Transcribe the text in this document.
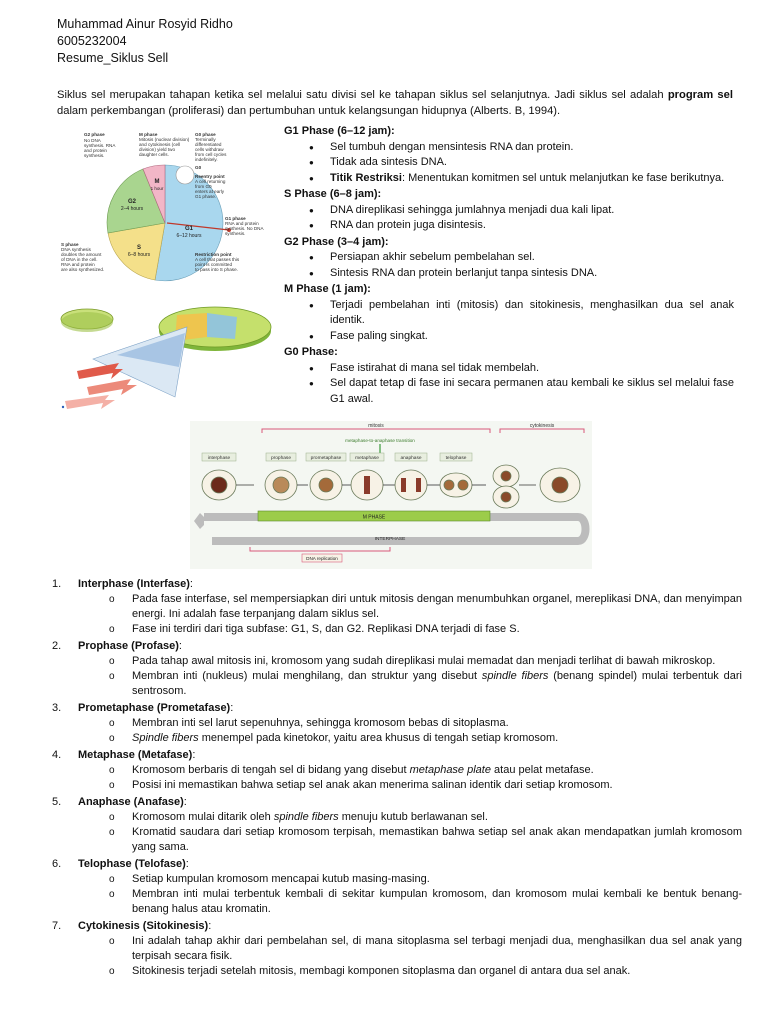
Muhammad Ainur Rosyid Ridho
6005232004
Resume_Siklus Sell

Siklus sel merupakan tahapan ketika sel melalui satu divisi sel ke tahapan siklus sel selanjutnya. Jadi siklus sel adalah program sel dalam perkembangan (proliferasi) dan pertumbuhan untuk kelangsungan hidupnya (Alberts. B, 1994).

G2 phase
No DNA
synthesis. RNA
and protein
synthesis.
M phase
Mitosis (nuclear division)
and cytokinesis (cell
division) yield two
daughter cells.
G0 phase
Terminally
differentiated
cells withdraw
from cell cycles
indefinitely.
G0
Reentry point
A cell returning
from G0
enters at early
G1 phase.
G1 phase
RNA and protein
synthesis. No DNA
synthesis.
S phase
DNA synthesis
doubles the amount
of DNA in the cell.
RNA and protein
are also synthesized.
Restriction point
A cell that passes this
point is committed
to pass into S phase.
G2
2–4 hours
M
1 hour
G1
6–12 hours
S
6–8 hours

G1 Phase (6–12 jam):

● Sel tumbuh dengan mensintesis RNA dan protein.
● Tidak ada sintesis DNA.
● Titik Restriksi: Menentukan komitmen sel untuk melanjutkan ke fase berikutnya.

S Phase (6–8 jam):

● DNA direplikasi sehingga jumlahnya menjadi dua kali lipat.
● RNA dan protein juga disintesis.

G2 Phase (3–4 jam):

● Persiapan akhir sebelum pembelahan sel.
● Sintesis RNA dan protein berlanjut tanpa sintesis DNA.

M Phase (1 jam):

● Terjadi pembelahan inti (mitosis) dan sitokinesis, menghasilkan dua sel anak identik.
● Fase paling singkat.

G0 Phase:

● Fase istirahat di mana sel tidak membelah.
● Sel dapat tetap di fase ini secara permanen atau kembali ke siklus sel melalui fase G1 awal.
mitosis	cytokinesis
metaphase-to-anaphase transition
interphase	prophase	prometaphase	metaphase	anaphase	telophase
M PHASE
INTERPHASE
DNA replication
1. Interphase (Interfase):
o Pada fase interfase, sel mempersiapkan diri untuk mitosis dengan menumbuhkan organel, mereplikasi DNA, dan menyimpan energi. Ini adalah fase terpanjang dalam siklus sel.
o Fase ini terdiri dari tiga subfase: G1, S, dan G2. Replikasi DNA terjadi di fase S.
2. Prophase (Profase):
o Pada tahap awal mitosis ini, kromosom yang sudah direplikasi mulai memadat dan menjadi terlihat di bawah mikroskop.
o Membran inti (nukleus) mulai menghilang, dan struktur yang disebut spindle fibers (benang spindel) mulai terbentuk dari sentrosom.
3. Prometaphase (Prometafase):
o Membran inti sel larut sepenuhnya, sehingga kromosom bebas di sitoplasma.
o Spindle fibers menempel pada kinetokor, yaitu area khusus di tengah setiap kromosom.
4. Metaphase (Metafase):
o Kromosom berbaris di tengah sel di bidang yang disebut metaphase plate atau pelat metafase.
o Posisi ini memastikan bahwa setiap sel anak akan menerima salinan identik dari setiap kromosom.
5. Anaphase (Anafase):
o Kromosom mulai ditarik oleh spindle fibers menuju kutub berlawanan sel.
o Kromatid saudara dari setiap kromosom terpisah, memastikan bahwa setiap sel anak akan mendapatkan jumlah kromosom yang sama.
6. Telophase (Telofase):
o Setiap kumpulan kromosom mencapai kutub masing-masing.
o Membran inti mulai terbentuk kembali di sekitar kumpulan kromosom, dan kromosom mulai kembali ke bentuk benang-benang halus atau kromatin.
7. Cytokinesis (Sitokinesis):
o Ini adalah tahap akhir dari pembelahan sel, di mana sitoplasma sel terbagi menjadi dua, menghasilkan dua sel anak yang terpisah secara fisik.
o Sitokinesis terjadi setelah mitosis, membagi komponen sitoplasma dan organel di antara dua sel anak.
